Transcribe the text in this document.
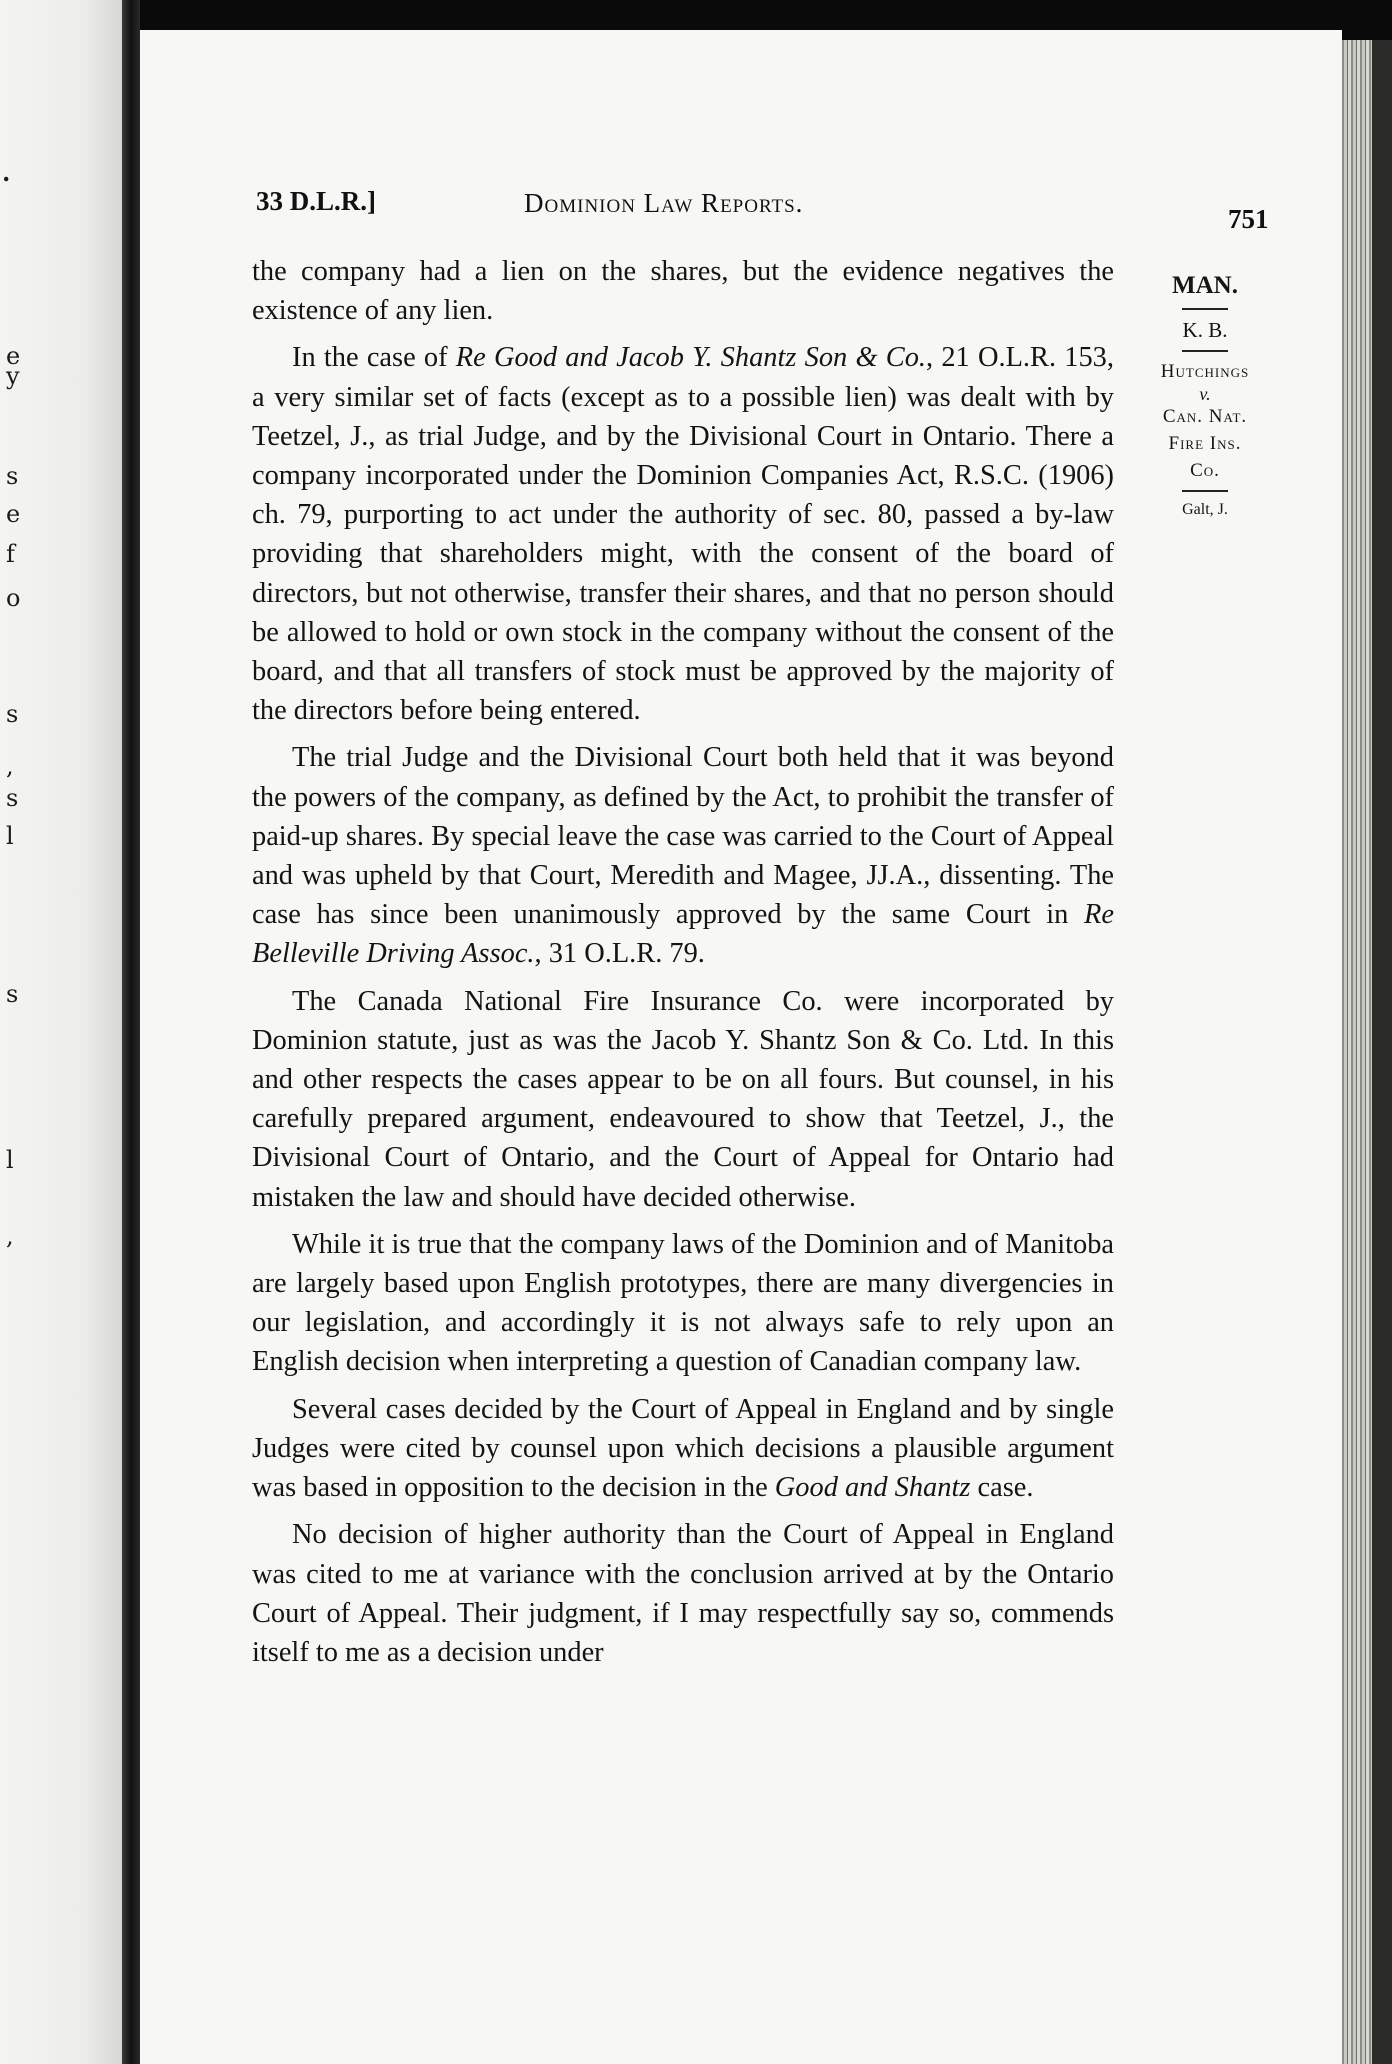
.
e
y
s
e
f
o
s
,
s
l
s
l
,
33 D.L.R.]	Dominion Law Reports.
751

the company had a lien on the shares, but the evidence negatives the existence of any lien.

In the case of Re Good and Jacob Y. Shantz Son & Co., 21 O.L.R. 153, a very similar set of facts (except as to a possible lien) was dealt with by Teetzel, J., as trial Judge, and by the Divisional Court in Ontario. There a company incorporated under the Dominion Companies Act, R.S.C. (1906) ch. 79, purporting to act under the authority of sec. 80, passed a by-law providing that shareholders might, with the consent of the board of directors, but not otherwise, transfer their shares, and that no person should be allowed to hold or own stock in the company without the consent of the board, and that all transfers of stock must be approved by the majority of the directors before being entered.

The trial Judge and the Divisional Court both held that it was beyond the powers of the company, as defined by the Act, to prohibit the transfer of paid-up shares. By special leave the case was carried to the Court of Appeal and was upheld by that Court, Meredith and Magee, JJ.A., dissenting. The case has since been unanimously approved by the same Court in Re Belleville Driving Assoc., 31 O.L.R. 79.

The Canada National Fire Insurance Co. were incorporated by Dominion statute, just as was the Jacob Y. Shantz Son & Co. Ltd. In this and other respects the cases appear to be on all fours. But counsel, in his carefully prepared argument, endeavoured to show that Teetzel, J., the Divisional Court of Ontario, and the Court of Appeal for Ontario had mistaken the law and should have decided otherwise.

While it is true that the company laws of the Dominion and of Manitoba are largely based upon English prototypes, there are many divergencies in our legislation, and accordingly it is not always safe to rely upon an English decision when interpreting a question of Canadian company law.

Several cases decided by the Court of Appeal in England and by single Judges were cited by counsel upon which decisions a plausible argument was based in opposition to the decision in the Good and Shantz case.

No decision of higher authority than the Court of Appeal in England was cited to me at variance with the conclusion arrived at by the Ontario Court of Appeal. Their judgment, if I may respectfully say so, commends itself to me as a decision under

MAN.
K. B.
Hutchings
v.
Can. Nat.
Fire Ins.
Co.
Galt, J.
